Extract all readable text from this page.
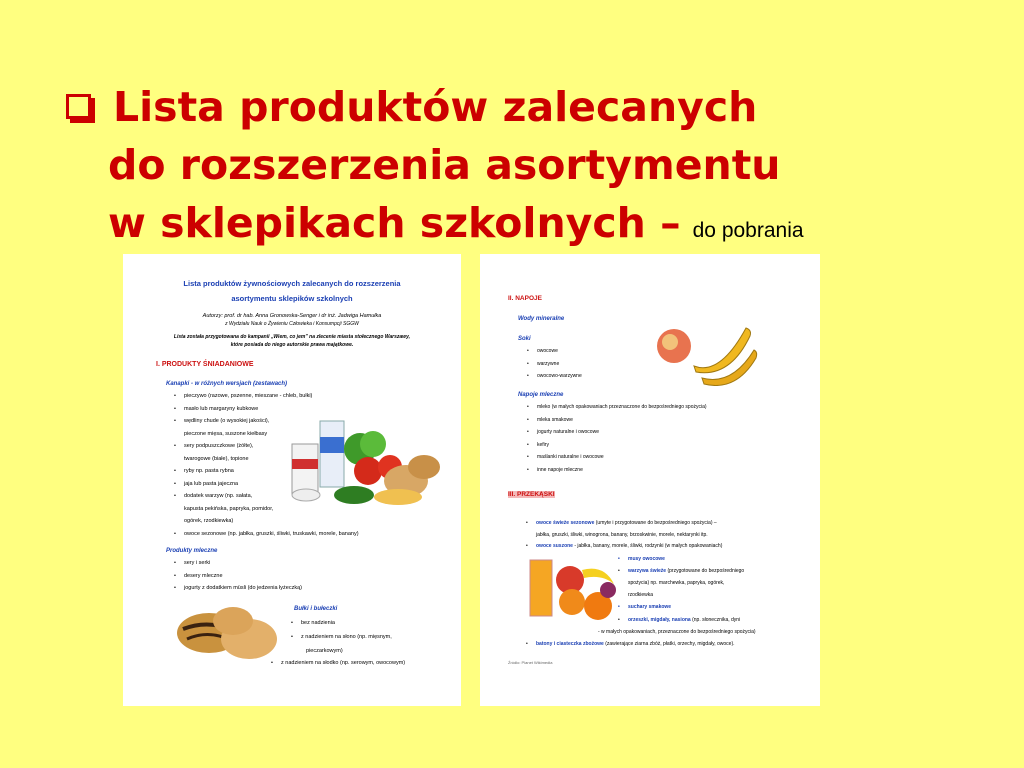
Lista produktów zalecanych
do rozszerzenia asortymentu
w sklepikach szkolnych – do pobrania
Lista produktów żywnościowych zalecanych do rozszerzenia
asortymentu sklepików szkolnych
Autorzy: prof. dr hab. Anna Gronowska-Senger i dr inż. Jadwiga Hamułka
z Wydziału Nauk o Żywieniu Człowieka i Konsumpcji SGGW
Lista została przygotowana do kampanii „Wiem, co jem” na zlecenie miasta stołecznego Warszawy,
które posiada do niego autorskie prawa majątkowe.
I. PRODUKTY ŚNIADANIOWE
Kanapki - w różnych wersjach (zestawach)
• pieczywo (razowe, pszenne, mieszane - chleb, bułki)
• masło lub margaryny kubkowe
• wędliny chude (o wysokiej jakości),
pieczone mięsa, suszone kiełbasy
• sery podpuszczkowe (żółte),
twarogowe (białe), topione
• ryby np. pasta rybna
• jaja lub pasta jajeczna
• dodatek warzyw (np. sałata,
kapusta pekińska, papryka, pomidor,
ogórek, rzodkiewka)
• owoce sezonowe (np. jabłka, gruszki, śliwki, truskawki, morele, banany)
Produkty mleczne
• sery i serki
• desery mleczne
• jogurty z dodatkiem müsli (do jedzenia łyżeczką)
Bułki i bułeczki
• bez nadzienia
• z nadzieniem na słono (np. mięsnym,
pieczarkowym)
• z nadzieniem na słodko (np. serowym, owocowym)
II. NAPOJE
Wody mineralne
Soki
• owocowe
• warzywne
• owocowo-warzywne
Napoje mleczne
• mleko (w małych opakowaniach przeznaczone do bezpośredniego spożycia)
• mleka smakowe
• jogurty naturalne i owocowe
• kefiry
• maślanki naturalne i owocowe
• inne napoje mleczne
III. PRZEKĄSKI
• owoce świeże sezonowe (umyte i przygotowane do bezpośredniego spożycia) –
jabłka, gruszki, śliwki, winogrona, banany, brzoskwinie, morele, nektarynki itp.
• owoce suszone - jabłka, banany, morele, śliwki, rodzynki (w małych opakowaniach)
• musy owocowe
• warzywa świeże (przygotowane do bezpośredniego
spożycia) np. marchewka, papryka, ogórek,
rzodkiewka
• suchary smakowe
• orzeszki, migdały, nasiona (np. słonecznika, dyni
- w małych opakowaniach, przeznaczone do bezpośredniego spożycia)
• batony i ciasteczka zbożowe (zawierające ziarna zbóż, płatki, orzechy, migdały, owoce).
Źródło: Planet Wikimedia
